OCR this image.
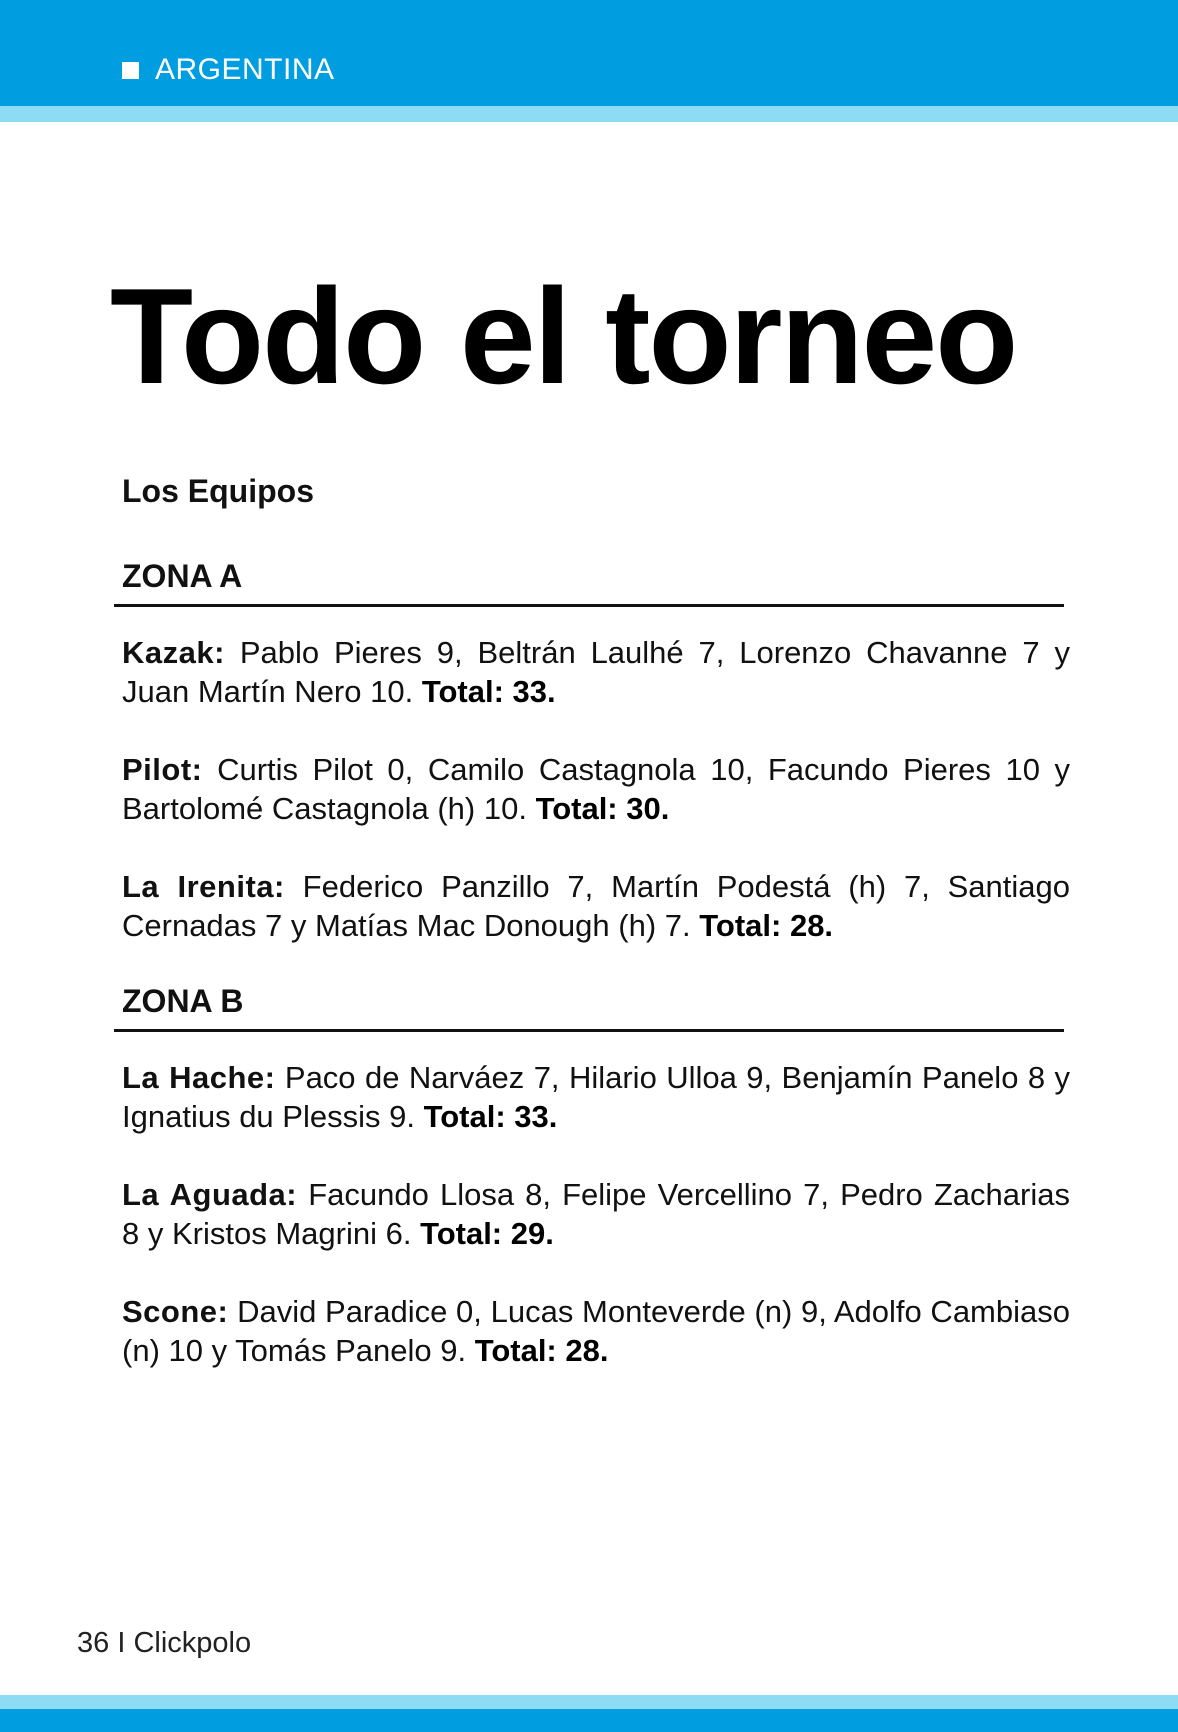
ARGENTINA
Todo el torneo
Los Equipos
ZONA A

Kazak: Pablo Pieres 9, Beltrán Laulhé 7, Lorenzo Chavanne 7 y Juan Martín Nero 10. Total: 33.

Pilot: Curtis Pilot 0, Camilo Castagnola 10, Facundo Pieres 10 y Bartolomé Castagnola (h) 10. Total: 30.

La Irenita: Federico Panzillo 7, Martín Podestá (h) 7, Santiago Cernadas 7 y Matías Mac Donough (h) 7. Total: 28.

ZONA B

La Hache: Paco de Narváez 7, Hilario Ulloa 9, Benjamín Panelo 8 y Ignatius du Plessis 9. Total: 33.

La Aguada: Facundo Llosa 8, Felipe Vercellino 7, Pedro Zacharias 8 y Kristos Magrini 6. Total: 29.

Scone: David Paradice 0, Lucas Monteverde (n) 9, Adolfo Cambiaso (n) 10 y Tomás Panelo 9. Total: 28.

36 I Clickpolo
